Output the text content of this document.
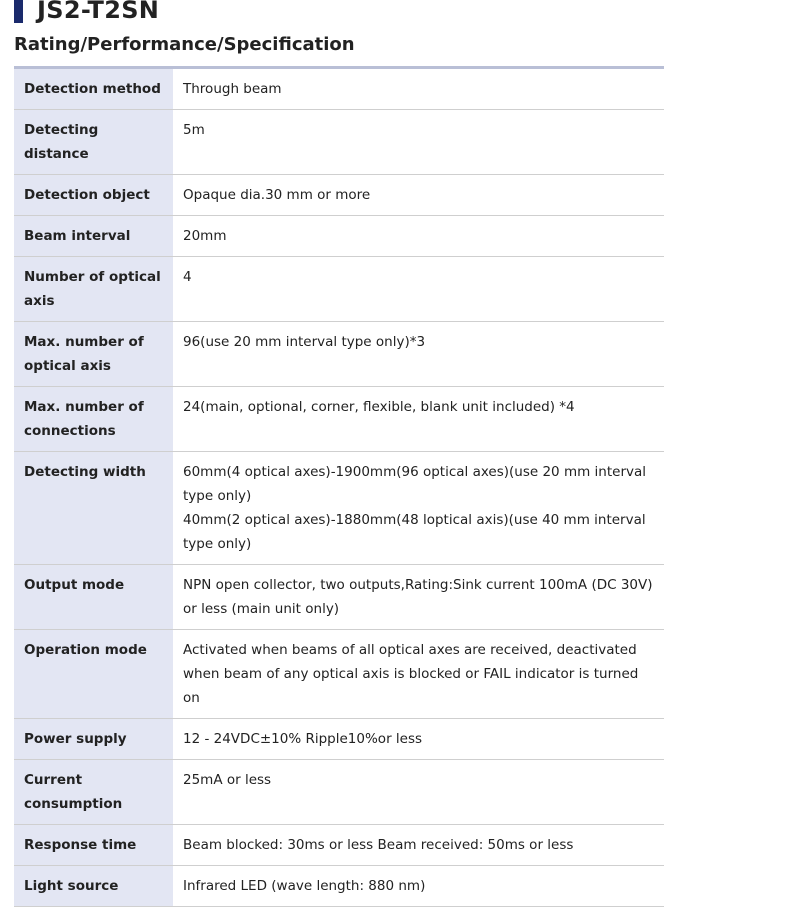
JS2-T2SN
Rating/Performance/Specification
Detection method	Through beam

Detecting distance	5m

Detection object	Opaque dia.30 mm or more

Beam interval	20mm

Number of optical axis	4

Max. number of optical axis	96(use 20 mm interval type only)*3

Max. number of connections	24(main, optional, corner, flexible, blank unit included) *4

Detecting width	60mm(4 optical axes)-1900mm(96 optical axes)(use 20 mm interval type only)
40mm(2 optical axes)-1880mm(48 loptical axis)(use 40 mm interval type only)

Output mode	NPN open collector, two outputs,Rating:Sink current 100mA (DC 30V) or less (main unit only)

Operation mode	Activated when beams of all optical axes are received, deactivated when beam of any optical axis is blocked or FAIL indicator is turned on

Power supply	12 - 24VDC±10% Ripple10%or less

Current consumption	25mA or less

Response time	Beam blocked: 30ms or less Beam received: 50ms or less

Light source	Infrared LED (wave length: 880 nm)
